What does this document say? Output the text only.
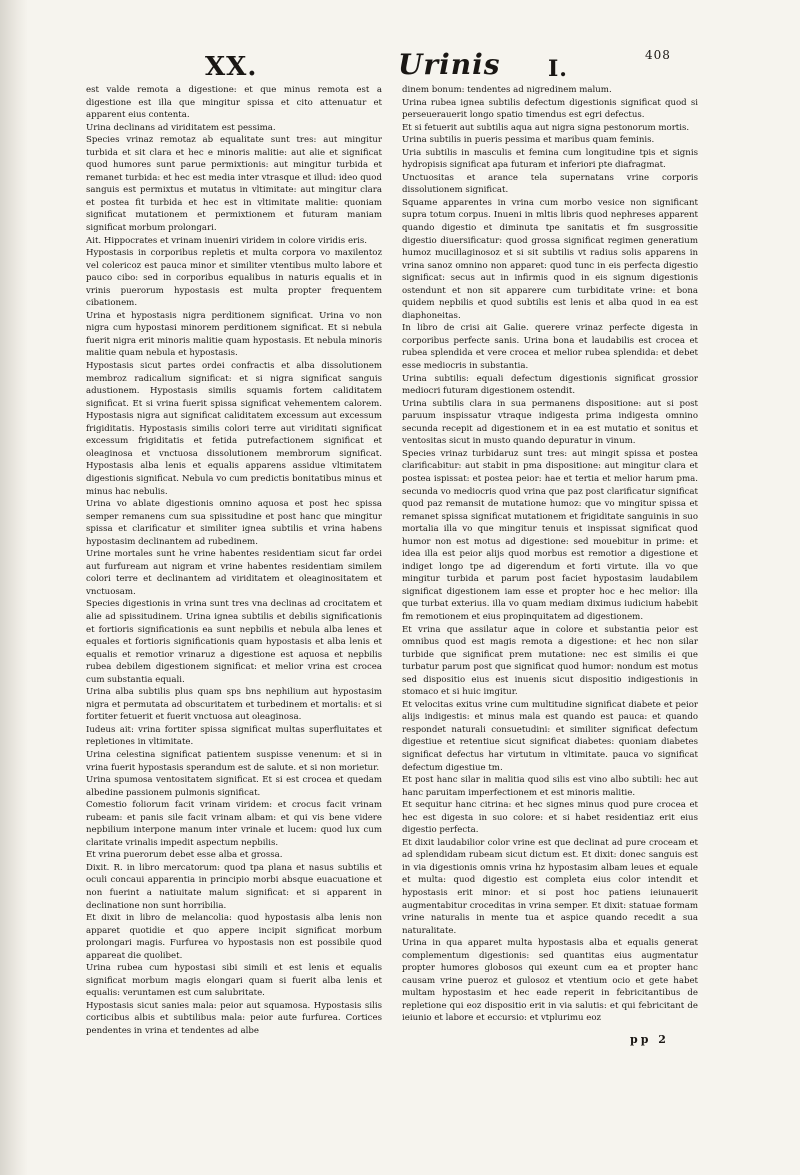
XX.	Urinis I.
408

est valde remota a digestione: et que minus remota est a digestione est illa que mingitur spissa et cito attenuatur et apparent eius contenta.

Urina declinans ad viriditatem est pessima.

Species vrinaz remotaz ab equalitate sunt tres: aut mingitur turbida et sit clara et hec e minoris malitie: aut alie et significat quod humores sunt parue permixtionis: aut mingitur turbida et remanet turbida: et hec est media inter vtrasque et illud: ideo quod sanguis est permixtus et mutatus in vltimitate: aut mingitur clara et postea fit turbida et hec est in vltimitate malitie: quoniam significat mutationem et permixtionem et futuram maniam significat morbum prolongari.

Ait. Hippocrates et vrinam inueniri viridem in colore viridis eris.

Hypostasis in corporibus repletis et multa corpora vo maxilentoz vel colericoz est pauca minor et similiter vtentibus multo labore et pauco cibo: sed in corporibus equalibus in naturis equalis et in vrinis puerorum hypostasis est multa propter frequentem cibationem.

Urina et hypostasis nigra perditionem significat. Urina vo non nigra cum hypostasi minorem perditionem significat. Et si nebula fuerit nigra erit minoris malitie quam hypostasis. Et nebula minoris malitie quam nebula et hypostasis.

Hypostasis sicut partes ordei confractis et alba dissolutionem membroz radicalium significat: et si nigra significat sanguis adustionem. Hypostasis similis squamis fortem caliditatem significat. Et si vrina fuerit spissa significat vehementem calorem. Hypostasis nigra aut significat caliditatem excessum aut excessum frigiditatis. Hypostasis similis colori terre aut viriditati significat excessum frigiditatis et fetida putrefactionem significat et oleaginosa et vnctuosa dissolutionem membrorum significat. Hypostasis alba lenis et equalis apparens assidue vltimitatem digestionis significat. Nebula vo cum predictis bonitatibus minus et minus hac nebulis.

Urina vo ablate digestionis omnino aquosa et post hec spissa semper remanens cum sua spissitudine et post hanc que mingitur spissa et clarificatur et similiter ignea subtilis et vrina habens hypostasim declinantem ad rubedinem.

Urine mortales sunt he vrine habentes residentiam sicut far ordei aut furfuream aut nigram et vrine habentes residentiam similem colori terre et declinantem ad viriditatem et oleaginositatem et vnctuosam.

Species digestionis in vrina sunt tres vna declinas ad crocitatem et alie ad spissitudinem. Urina ignea subtilis et debilis significationis et fortioris significationis ea sunt nepbilis et nebula alba lenes et equales et fortioris significationis quam hypostasis et alba lenis et equalis et remotior vrinaruz a digestione est aquosa et nepbilis rubea debilem digestionem significat: et melior vrina est crocea cum substantia equali.

Urina alba subtilis plus quam sps bns nephilium aut hypostasim nigra et permutata ad obscuritatem et turbedinem et mortalis: et si fortiter fetuerit et fuerit vnctuosa aut oleaginosa.

Iudeus ait: vrina fortiter spissa significat multas superfluitates et repletiones in vltimitate.

Urina celestina significat patientem suspisse venenum: et si in vrina fuerit hypostasis sperandum est de salute. et si non morietur.

Urina spumosa ventositatem significat. Et si est crocea et quedam albedine passionem pulmonis significat.

Comestio foliorum facit vrinam viridem: et crocus facit vrinam rubeam: et panis sile facit vrinam albam: et qui vis bene videre nepbilium interpone manum inter vrinale et lucem: quod lux cum claritate vrinalis impedit aspectum nepbilis.

Et vrina puerorum debet esse alba et grossa.

Dixit. R. in libro mercatorum: quod tpa plana et nasus subtilis et oculi concaui apparentia in principio morbi absque euacuatione et non fuerint a natiuitate malum significat: et si apparent in declinatione non sunt horribilia.

Et dixit in libro de melancolia: quod hypostasis alba lenis non apparet quotidie et quo appere incipit significat morbum prolongari magis. Furfurea vo hypostasis non est possibile quod appareat die quolibet.

Urina rubea cum hypostasi sibi simili et est lenis et equalis significat morbum magis elongari quam si fuerit alba lenis et equalis: veruntamen est cum salubritate.

Hypostasis sicut sanies mala: peior aut squamosa. Hypostasis silis corticibus albis et subtilibus mala: peior aute furfurea. Cortices pendentes in vrina et tendentes ad albe

dinem bonum: tendentes ad nigredinem malum.

Urina rubea ignea subtilis defectum digestionis significat quod si perseuerauerit longo spatio timendus est egri defectus.

Et si fetuerit aut subtilis aqua aut nigra signa pestonorum mortis.

Urina subtilis in pueris pessima et maribus quam feminis.

Uria subtilis in masculis et femina cum longitudine tpis et signis hydropisis significat apa futuram et inferiori pte diafragmat.

Unctuositas et arance tela supernatans vrine corporis dissolutionem significat.

Squame apparentes in vrina cum morbo vesice non significant supra totum corpus. Inueni in mltis libris quod nephreses apparent quando digestio et diminuta tpe sanitatis et fm susgrossitie digestio diuersificatur: quod grossa significat regimen generatium humoz mucillaginosoz et si sit subtilis vt radius solis apparens in vrina sanoz omnino non apparet: quod tunc in eis perfecta digestio significat: secus aut in infirmis quod in eis signum digestionis ostendunt et non sit apparere cum turbiditate vrine: et bona quidem nepbilis et quod subtilis est lenis et alba quod in ea est diaphoneitas.

In libro de crisi ait Galie. querere vrinaz perfecte digesta in corporibus perfecte sanis. Urina bona et laudabilis est crocea et rubea splendida et vere crocea et melior rubea splendida: et debet esse mediocris in substantia.

Urina subtilis: equali defectum digestionis significat grossior mediocri futuram digestionem ostendit.

Urina subtilis clara in sua permanens dispositione: aut si post paruum inspissatur vtraque indigesta prima indigesta omnino secunda recepit ad digestionem et in ea est mutatio et sonitus et ventositas sicut in musto quando depuratur in vinum.

Species vrinaz turbidaruz sunt tres: aut mingit spissa et postea clarificabitur: aut stabit in pma dispositione: aut mingitur clara et postea ispissat: et postea peior: hae et tertia et melior harum pma. secunda vo mediocris quod vrina que paz post clarificatur significat quod paz remansit de mutatione humoz: que vo mingitur spissa et remanet spissa significat mutationem et frigiditate sanguinis in suo mortalia illa vo que mingitur tenuis et inspissat significat quod humor non est motus ad digestione: sed mouebitur in prime: et idea illa est peior alijs quod morbus est remotior a digestione et indiget longo tpe ad digerendum et forti virtute. illa vo que mingitur turbida et parum post faciet hypostasim laudabilem significat digestionem iam esse et propter hoc e hec melior: illa que turbat exterius. illa vo quam mediam diximus iudicium habebit fm remotionem et eius propinquitatem ad digestionem.

Et vrina que assilatur aque in colore et substantia peior est omnibus quod est magis remota a digestione: et hec non silar turbide que significat prem mutatione: nec est similis ei que turbatur parum post que significat quod humor: nondum est motus sed dispositio eius est inuenis sicut dispositio indigestionis in stomaco et si huic imgitur.

Et velocitas exitus vrine cum multitudine significat diabete et peior alijs indigestis: et minus mala est quando est pauca: et quando respondet naturali consuetudini: et similiter significat defectum digestiue et retentiue sicut significat diabetes: quoniam diabetes significat defectus har virtutum in vltimitate. pauca vo significat defectum digestiue tm.

Et post hanc silar in malitia quod silis est vino albo subtili: hec aut hanc paruitam imperfectionem et est minoris malitie.

Et sequitur hanc citrina: et hec signes minus quod pure crocea et hec est digesta in suo colore: et si habet residentiaz erit eius digestio perfecta.

Et dixit laudabilior color vrine est que declinat ad pure croceam et ad splendidam rubeam sicut dictum est. Et dixit: donec sanguis est in via digestionis omnis vrina hz hypostasim albam leues et equale et multa: quod digestio est completa eius color intendit et hypostasis erit minor: et si post hoc patiens ieiunauerit augmentabitur croceditas in vrina semper. Et dixit: statuae formam vrine naturalis in mente tua et aspice quando recedit a sua naturalitate.

Urina in qua apparet multa hypostasis alba et equalis generat complementum digestionis: sed quantitas eius augmentatur propter humores globosos qui exeunt cum ea et propter hanc causam vrine pueroz et gulosoz et vtentium ocio et gete habet multam hypostasim et hec eade reperit in febricitantibus de repletione qui eoz dispositio erit in via salutis: et qui febricitant de ieiunio et labore et eccursio: et vtplurimu eoz

pp 2
